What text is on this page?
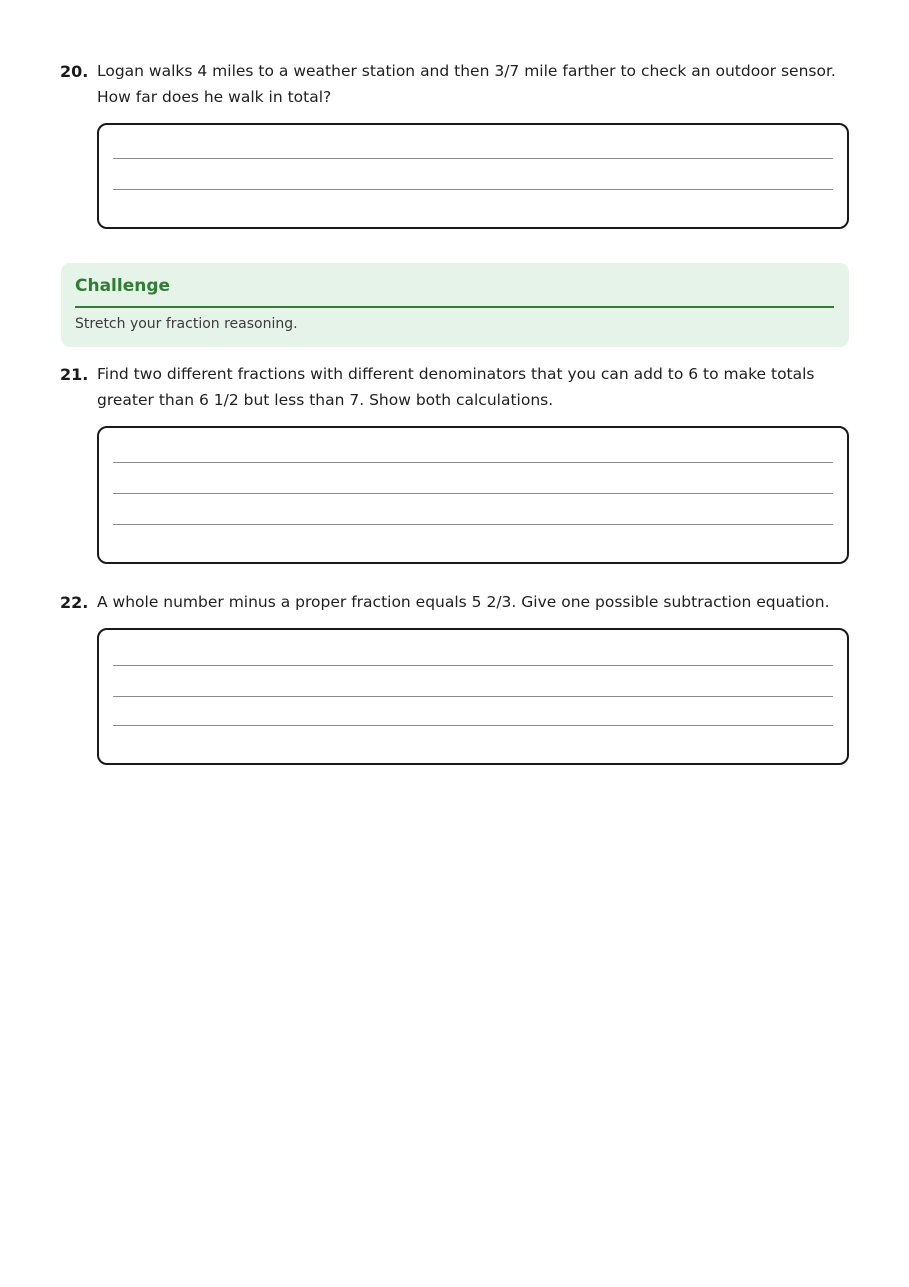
20. Logan walks 4 miles to a weather station and then 3/7 mile farther to check an outdoor sensor.
How far does he walk in total?
Challenge
Stretch your fraction reasoning.
21. Find two different fractions with different denominators that you can add to 6 to make totals
greater than 6 1/2 but less than 7. Show both calculations.
22. A whole number minus a proper fraction equals 5 2/3. Give one possible subtraction equation.
